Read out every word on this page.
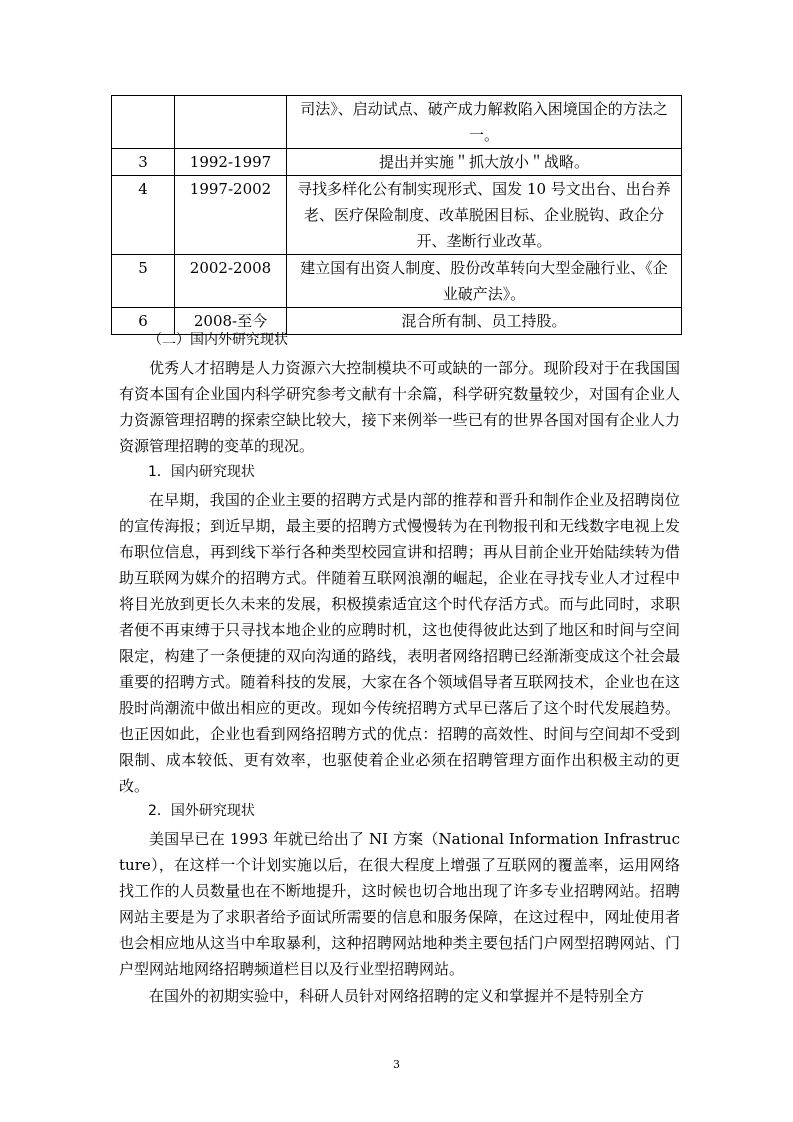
		司法》、启动试点、破产成力解救陷入困境国企的方法之一。
3	1992-1997	提出并实施＂抓大放小＂战略。
4	1997-2002	寻找多样化公有制实现形式、国发 10 号文出台、出台养老、医疗保险制度、改革脱困目标、企业脱钩、政企分开、垄断行业改革。
5	2002-2008	建立国有出资人制度、股份改革转向大型金融行业、《企业破产法》。
6	2008-至今	混合所有制、员工持股。
（二）国内外研究现状

优秀人才招聘是人力资源六大控制模块不可或缺的一部分。现阶段对于在我国国有资本国有企业国内科学研究参考文献有十余篇，科学研究数量较少，对国有企业人力资源管理招聘的探索空缺比较大，接下来例举一些已有的世界各国对国有企业人力资源管理招聘的变革的现况。

1．国内研究现状

在早期，我国的企业主要的招聘方式是内部的推荐和晋升和制作企业及招聘岗位的宣传海报；到近早期，最主要的招聘方式慢慢转为在刊物报刊和无线数字电视上发布职位信息，再到线下举行各种类型校园宣讲和招聘；再从目前企业开始陆续转为借助互联网为媒介的招聘方式。伴随着互联网浪潮的崛起，企业在寻找专业人才过程中将目光放到更长久未来的发展，积极摸索适宜这个时代存活方式。而与此同时，求职者便不再束缚于只寻找本地企业的应聘时机，这也使得彼此达到了地区和时间与空间限定，构建了一条便捷的双向沟通的路线，表明者网络招聘已经渐渐变成这个社会最重要的招聘方式。随着科技的发展，大家在各个领域倡导者互联网技术，企业也在这股时尚潮流中做出相应的更改。现如今传统招聘方式早已落后了这个时代发展趋势。也正因如此，企业也看到网络招聘方式的优点：招聘的高效性、时间与空间却不受到限制、成本较低、更有效率，也驱使着企业必须在招聘管理方面作出积极主动的更改。

2．国外研究现状

美国早已在 1993 年就已给出了 NI 方案（National Information Infrastructure），在这样一个计划实施以后，在很大程度上增强了互联网的覆盖率，运用网络找工作的人员数量也在不断地提升，这时候也切合地出现了许多专业招聘网站。招聘网站主要是为了求职者给予面试所需要的信息和服务保障，在这过程中，网址使用者也会相应地从这当中牟取暴利，这种招聘网站地种类主要包括门户网型招聘网站、门户型网站地网络招聘频道栏目以及行业型招聘网站。

在国外的初期实验中，科研人员针对网络招聘的定义和掌握并不是特别全方

3
